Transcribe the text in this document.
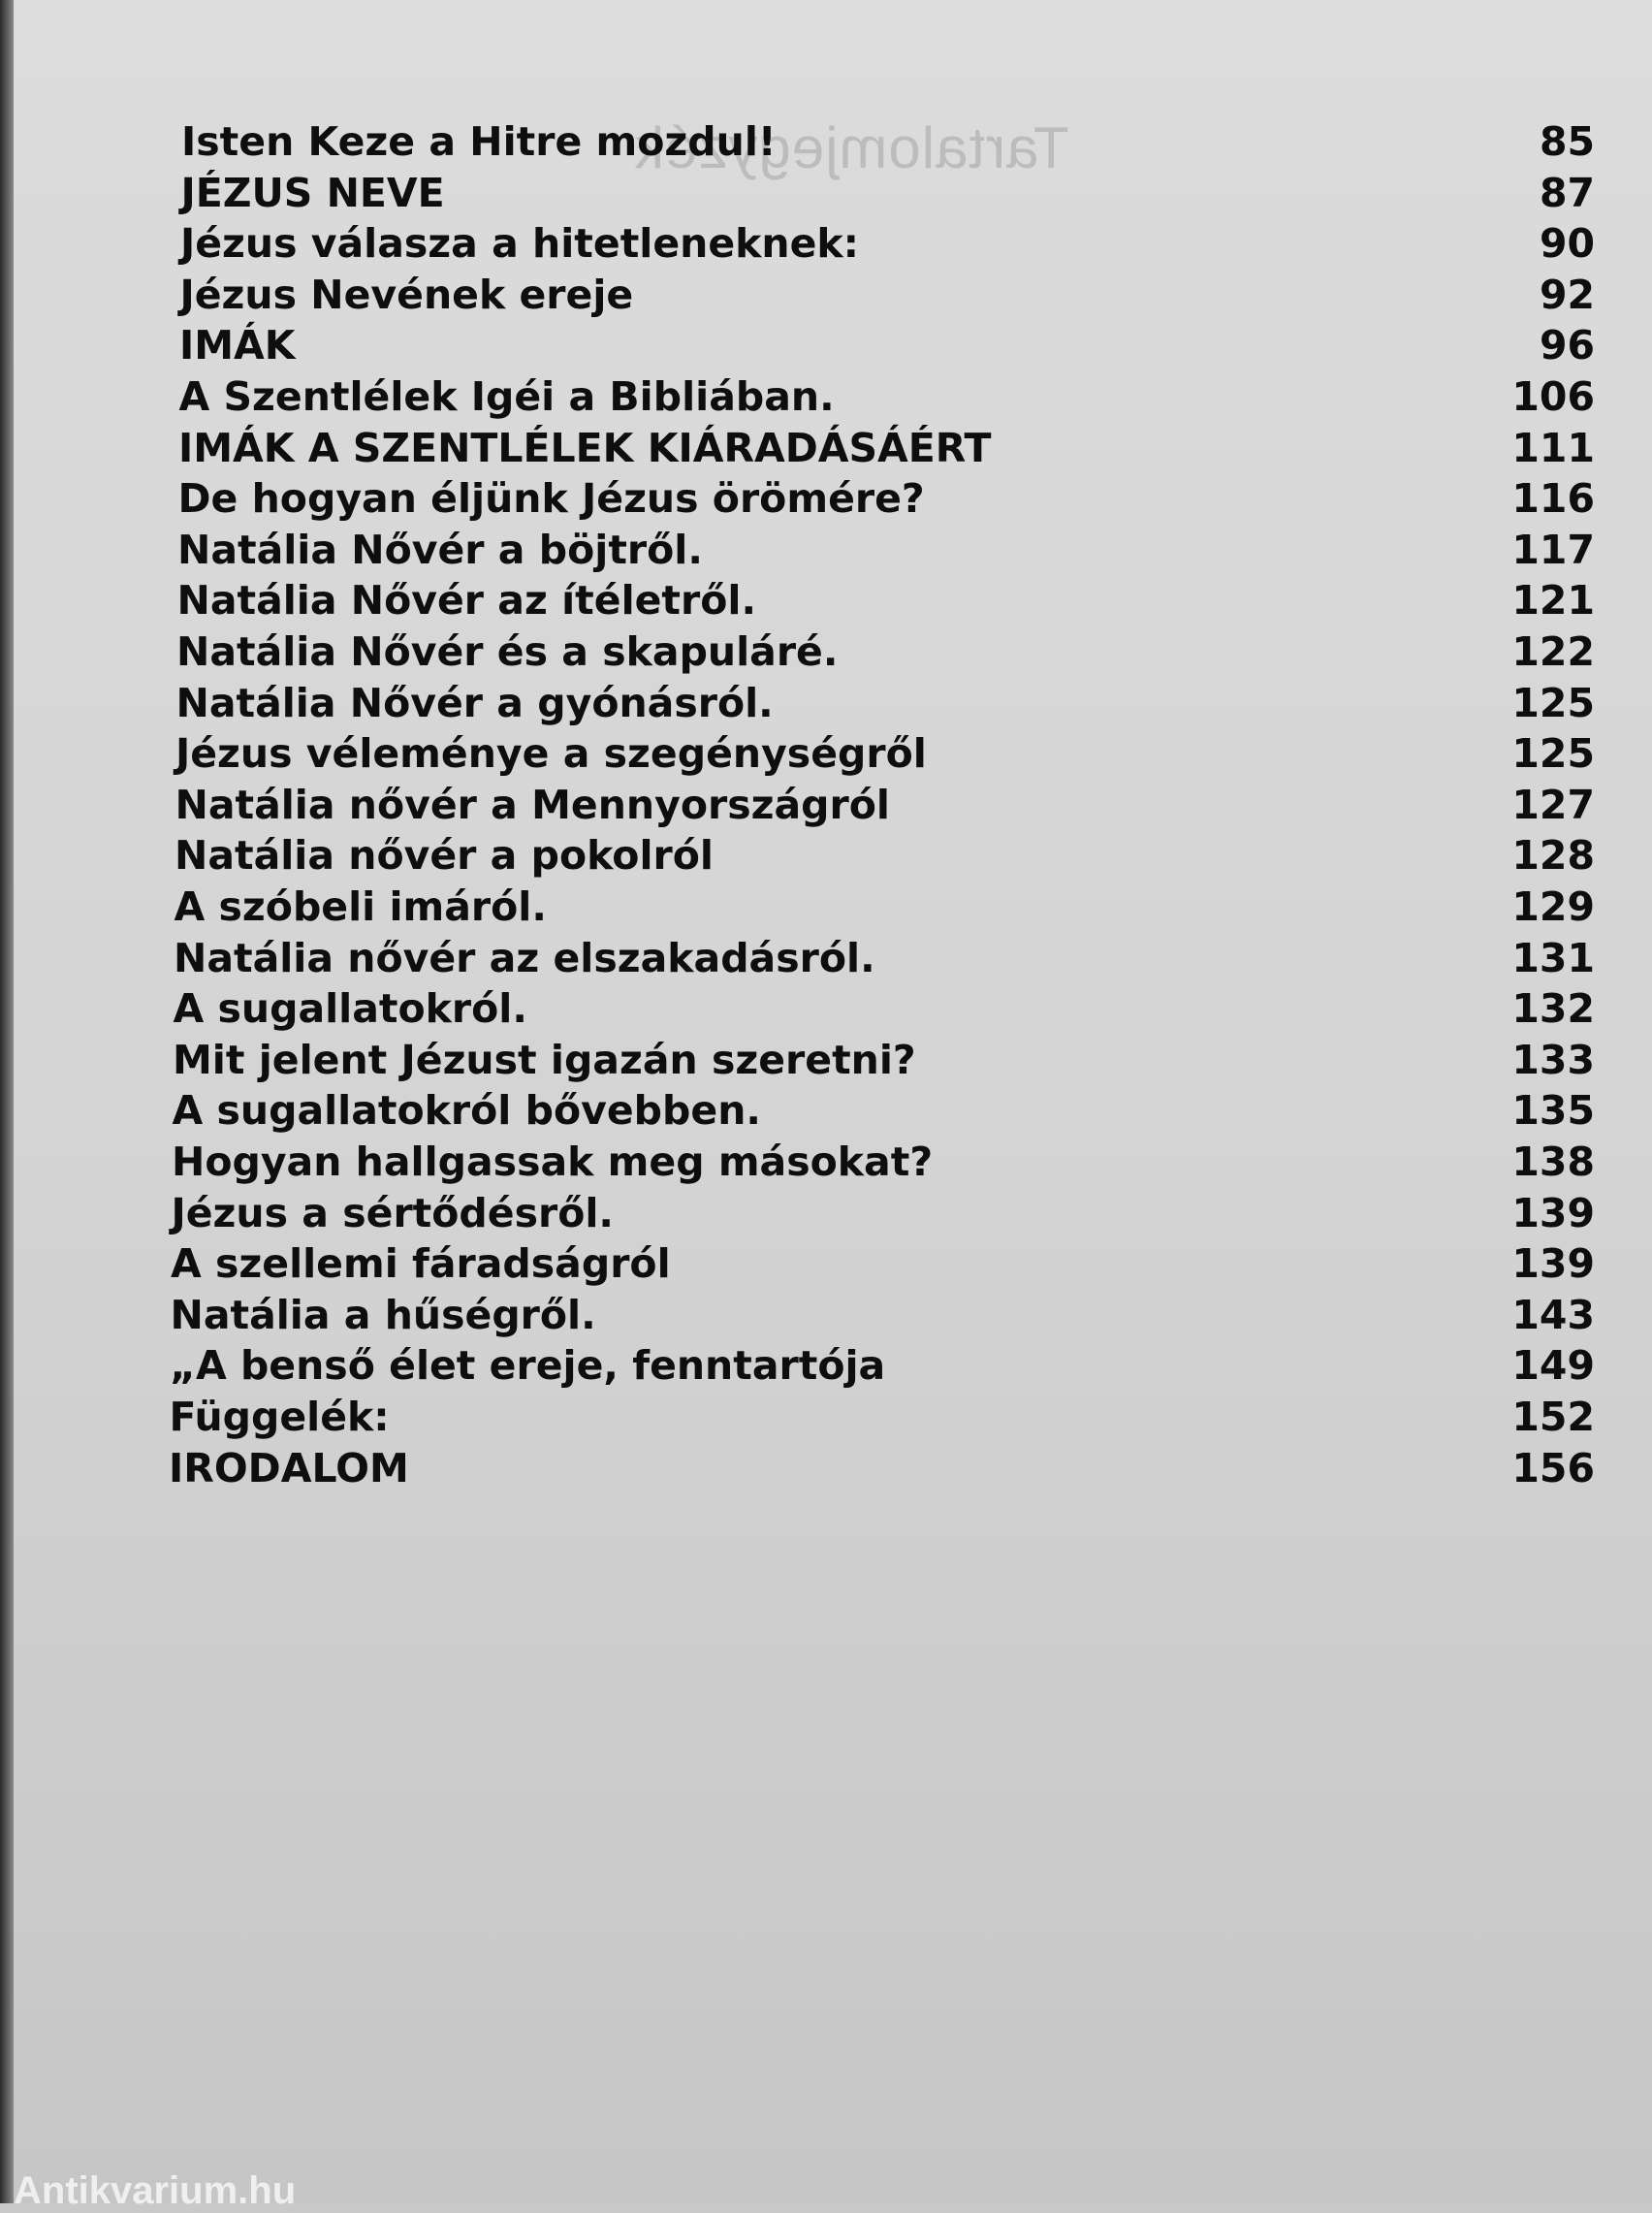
Tartalomjegyzék
Isten Keze a Hitre mozdul!	85
JÉZUS NEVE	87
Jézus válasza a hitetleneknek:	90
Jézus Nevének ereje	92
IMÁK	96
A Szentlélek Igéi a Bibliában.	106
IMÁK A SZENTLÉLEK KIÁRADÁSÁÉRT	111
De hogyan éljünk Jézus örömére?	116
Natália Nővér a böjtről.	117
Natália Nővér az ítéletről.	121
Natália Nővér és a skapuláré.	122
Natália Nővér a gyónásról.	125
Jézus véleménye a szegénységről	125
Natália nővér a Mennyországról	127
Natália nővér a pokolról	128
A szóbeli imáról.	129
Natália nővér az elszakadásról.	131
A sugallatokról.	132
Mit jelent Jézust igazán szeretni?	133
A sugallatokról bővebben.	135
Hogyan hallgassak meg másokat?	138
Jézus a sértődésről.	139
A szellemi fáradságról	139
Natália a hűségről.	143
„A benső élet ereje, fenntartója	149
Függelék:	152
IRODALOM	156
Antikvarium.hu
